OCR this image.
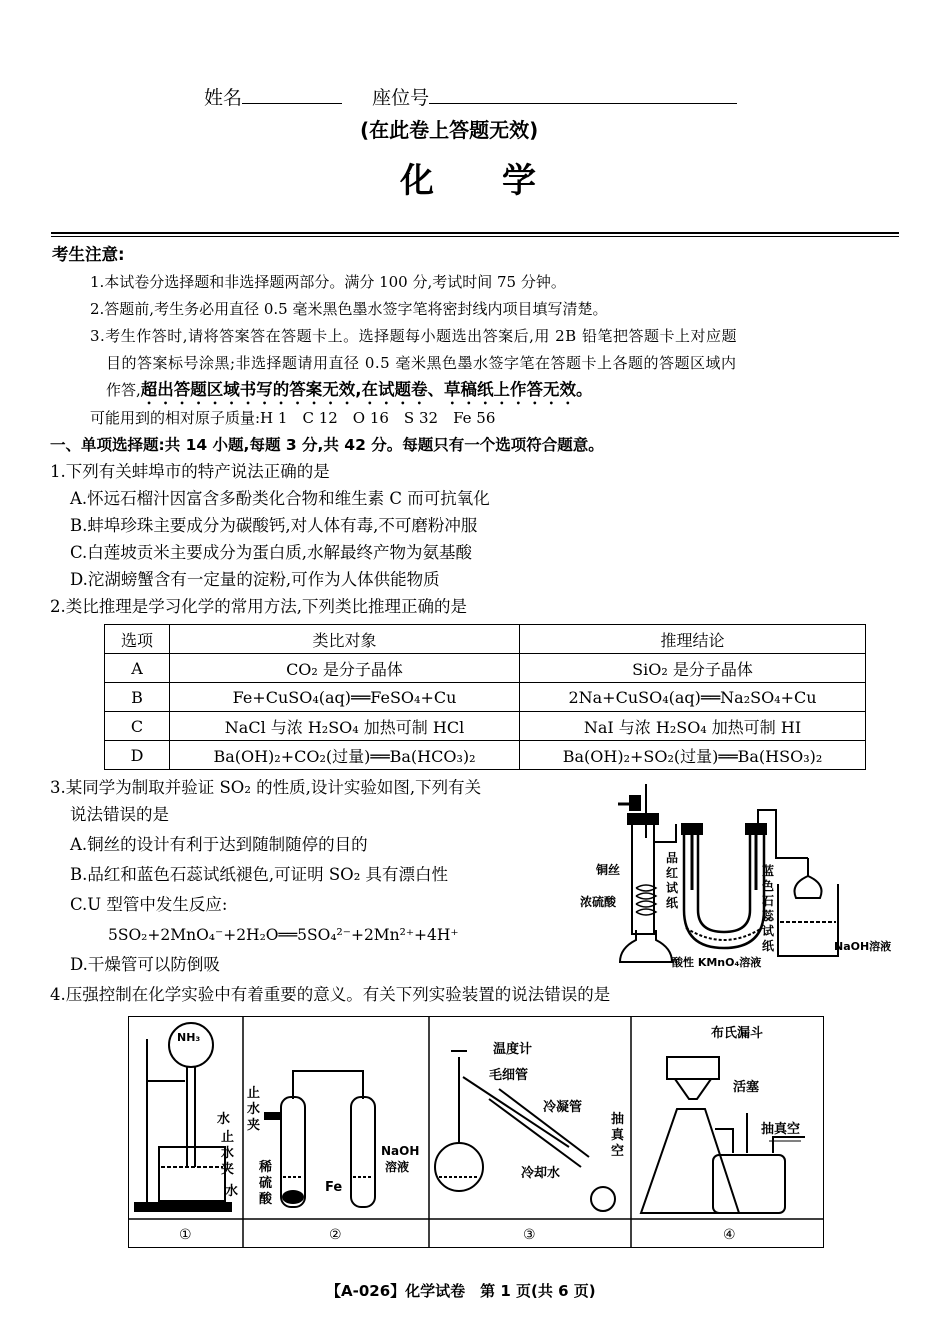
姓名	座位号
(在此卷上答题无效)
化　　学
考生注意:
1.本试卷分选择题和非选择题两部分。满分 100 分,考试时间 75 分钟。
2.答题前,考生务必用直径 0.5 毫米黑色墨水签字笔将密封线内项目填写清楚。
3.考生作答时,请将答案答在答题卡上。选择题每小题选出答案后,用 2B 铅笔把答题卡上对应题
目的答案标号涂黑;非选择题请用直径 0.5 毫米黑色墨水签字笔在答题卡上各题的答题区域内
作答,超出答题区域书写的答案无效,在试题卷、草稿纸上作答无效。
可能用到的相对原子质量:H 1　C 12　O 16　S 32　Fe 56
一、单项选择题:共 14 小题,每题 3 分,共 42 分。每题只有一个选项符合题意。
1.下列有关蚌埠市的特产说法正确的是
A.怀远石榴汁因富含多酚类化合物和维生素 C 而可抗氧化
B.蚌埠珍珠主要成分为碳酸钙,对人体有毒,不可磨粉冲服
C.白莲坡贡米主要成分为蛋白质,水解最终产物为氨基酸
D.沱湖螃蟹含有一定量的淀粉,可作为人体供能物质
2.类比推理是学习化学的常用方法,下列类比推理正确的是
选项	类比对象	推理结论
A	CO₂ 是分子晶体	SiO₂ 是分子晶体
B	Fe+CuSO₄(aq)══FeSO₄+Cu	2Na+CuSO₄(aq)══Na₂SO₄+Cu
C	NaCl 与浓 H₂SO₄ 加热可制 HCl	NaI 与浓 H₂SO₄ 加热可制 HI
D	Ba(OH)₂+CO₂(过量)══Ba(HCO₃)₂	Ba(OH)₂+SO₂(过量)══Ba(HSO₃)₂
3.某同学为制取并验证 SO₂ 的性质,设计实验如图,下列有关
说法错误的是
A.铜丝的设计有利于达到随制随停的目的
B.品红和蓝色石蕊试纸褪色,可证明 SO₂ 具有漂白性
C.U 型管中发生反应:
5SO₂+2MnO₄⁻+2H₂O══5SO₄²⁻+2Mn²⁺+4H⁺
D.干燥管可以防倒吸
铜丝
浓硫酸
品
红
试
纸
蓝
色
石
蕊
试
纸
酸性 KMnO₄溶液
NaOH溶液
4.压强控制在化学实验中有着重要的意义。有关下列实验装置的说法错误的是
NH₃
水
止
水
夹
水
止
水
夹
稀
硫
酸
Fe
NaOH
溶液
温度计
毛细管
冷凝管
冷却水
抽
真
空
布氏漏斗
活塞
抽真空
①	②	③	④
【A-026】化学试卷　第 1 页(共 6 页)
